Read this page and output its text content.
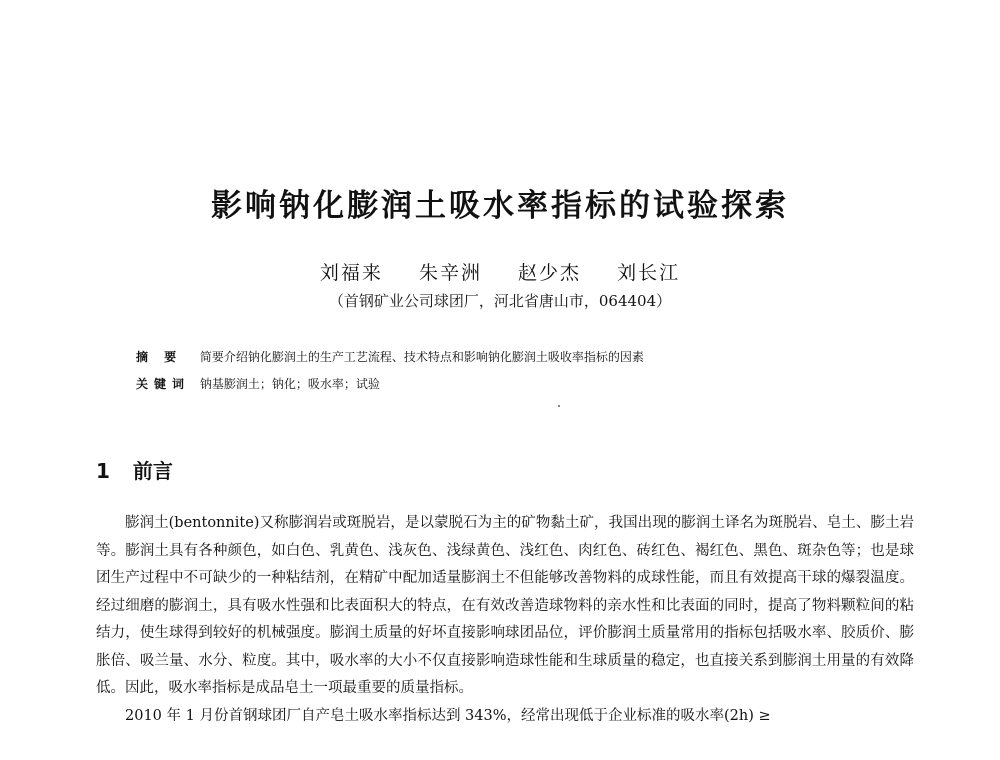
影响钠化膨润土吸水率指标的试验探索
刘福来 朱辛洲 赵少杰 刘长江
（首钢矿业公司球团厂，河北省唐山市，064404）
摘 要 简要介绍钠化膨润土的生产工艺流程、技术特点和影响钠化膨润土吸收率指标的因素
关键词 钠基膨润土；钠化；吸水率；试验
1 前言

膨润土(bentonnite)又称膨润岩或斑脱岩，是以蒙脱石为主的矿物黏土矿，我国出现的膨润土译名为斑脱岩、皂土、膨土岩等。膨润土具有各种颜色，如白色、乳黄色、浅灰色、浅绿黄色、浅红色、肉红色、砖红色、褐红色、黑色、斑杂色等；也是球团生产过程中不可缺少的一种粘结剂，在精矿中配加适量膨润土不但能够改善物料的成球性能，而且有效提高干球的爆裂温度。经过细磨的膨润土，具有吸水性强和比表面积大的特点，在有效改善造球物料的亲水性和比表面的同时，提高了物料颗粒间的粘结力，使生球得到较好的机械强度。膨润土质量的好坏直接影响球团品位，评价膨润土质量常用的指标包括吸水率、胶质价、膨胀倍、吸兰量、水分、粒度。其中，吸水率的大小不仅直接影响造球性能和生球质量的稳定，也直接关系到膨润土用量的有效降低。因此，吸水率指标是成品皂土一项最重要的质量指标。

2010 年 1 月份首钢球团厂自产皂土吸水率指标达到 343%，经常出现低于企业标准的吸水率(2h) ≥
